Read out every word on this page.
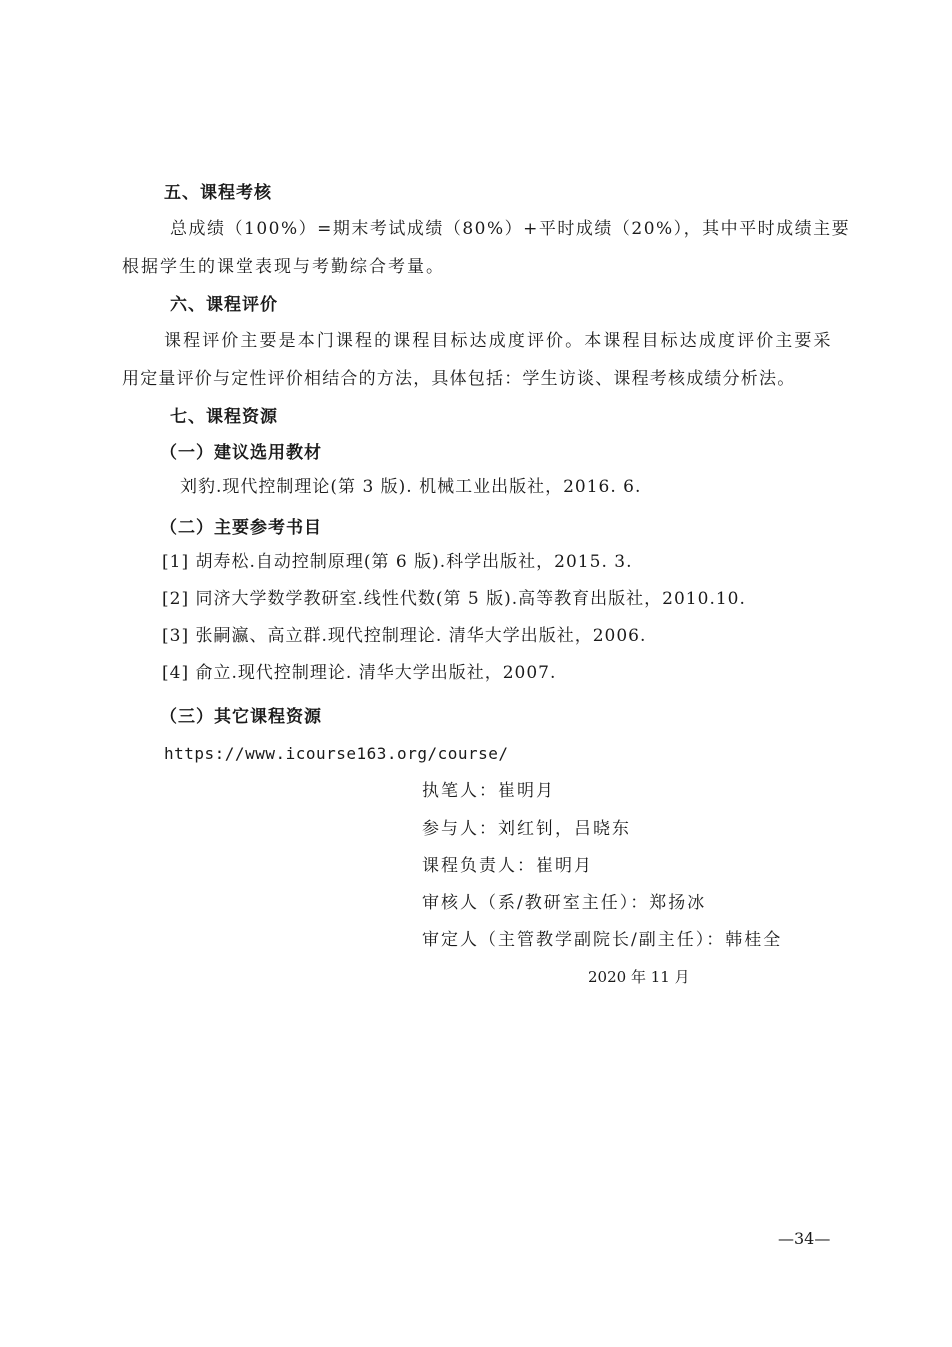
五、课程考核
总成绩（100%）=期末考试成绩（80%）+平时成绩（20%），其中平时成绩主要
根据学生的课堂表现与考勤综合考量。
六、课程评价
课程评价主要是本门课程的课程目标达成度评价。本课程目标达成度评价主要采
用定量评价与定性评价相结合的方法，具体包括：学生访谈、课程考核成绩分析法。
七、课程资源
（一）建议选用教材
刘豹.现代控制理论(第 3 版). 机械工业出版社，2016. 6.
（二）主要参考书目
[1] 胡寿松.自动控制原理(第 6 版).科学出版社，2015. 3.
[2] 同济大学数学教研室.线性代数(第 5 版).高等教育出版社，2010.10.
[3] 张嗣瀛、高立群.现代控制理论. 清华大学出版社，2006.
[4] 俞立.现代控制理论. 清华大学出版社，2007.
（三）其它课程资源
https://www.icourse163.org/course/
执笔人：崔明月
参与人：刘红钊，吕晓东
课程负责人：崔明月
审核人（系/教研室主任）：郑扬冰
审定人（主管教学副院长/副主任）：韩桂全
2020 年 11 月
—34—
